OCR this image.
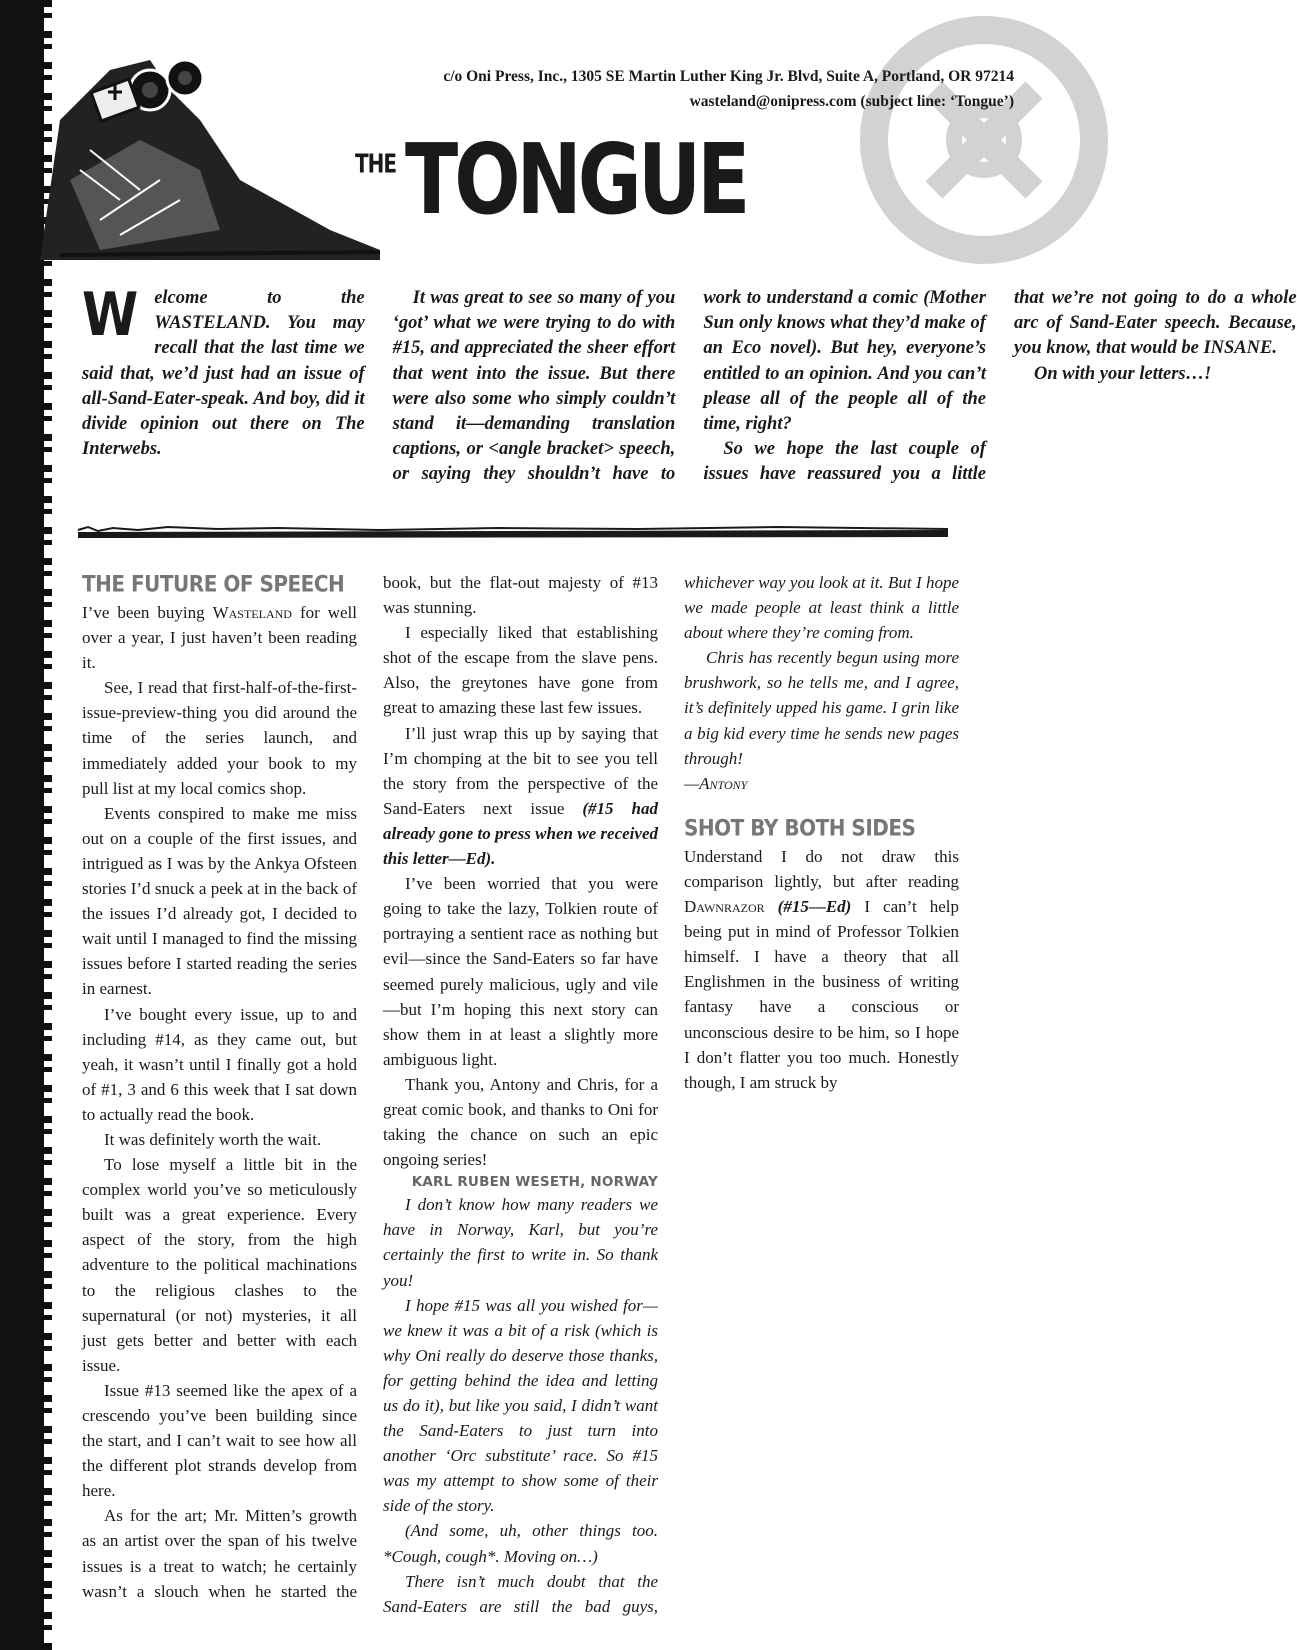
c/o Oni Press, Inc., 1305 SE Martin Luther King Jr. Blvd, Suite A, Portland, OR 97214
wasteland@onipress.com (subject line: ‘Tongue’)
THE TONGUE

Welcome to the WASTELAND. You may recall that the last time we said that, we’d just had an issue of all-Sand-Eater-speak. And boy, did it divide opinion out there on The Interwebs.

It was great to see so many of you ‘got’ what we were trying to do with #15, and appreciated the sheer effort that went into the issue. But there were also some who simply couldn’t stand it—demanding translation captions, or <angle bracket> speech, or saying they shouldn’t have to work to understand a comic (Mother Sun only knows what they’d make of an Eco novel). But hey, everyone’s entitled to an opinion. And you can’t please all of the people all of the time, right?

So we hope the last couple of issues have reassured you a little that we’re not going to do a whole arc of Sand-Eater speech. Because, you know, that would be INSANE.

On with your letters…!

THE FUTURE OF SPEECH

I’ve been buying Wasteland for well over a year, I just haven’t been reading it.

See, I read that first-half-of-the-first-issue-preview-thing you did around the time of the series launch, and immediately added your book to my pull list at my local comics shop.

Events conspired to make me miss out on a couple of the first issues, and intrigued as I was by the Ankya Ofsteen stories I’d snuck a peek at in the back of the issues I’d already got, I decided to wait until I managed to find the missing issues before I started reading the series in earnest.

I’ve bought every issue, up to and including #14, as they came out, but yeah, it wasn’t until I finally got a hold of #1, 3 and 6 this week that I sat down to actually read the book.

It was definitely worth the wait.

To lose myself a little bit in the complex world you’ve so meticulously built was a great experience. Every aspect of the story, from the high adventure to the political machinations to the religious clashes to the supernatural (or not) mysteries, it all just gets better and better with each issue.

Issue #13 seemed like the apex of a crescendo you’ve been building since the start, and I can’t wait to see how all the different plot strands develop from here.

As for the art; Mr. Mitten’s growth as an artist over the span of his twelve issues is a treat to watch; he certainly wasn’t a slouch when he started the book, but the flat-out majesty of #13 was stunning.

I especially liked that establishing shot of the escape from the slave pens. Also, the greytones have gone from great to amazing these last few issues.

I’ll just wrap this up by saying that I’m chomping at the bit to see you tell the story from the perspective of the Sand-Eaters next issue (#15 had already gone to press when we received this letter—Ed).

I’ve been worried that you were going to take the lazy, Tolkien route of portraying a sentient race as nothing but evil—since the Sand-Eaters so far have seemed purely malicious, ugly and vile—but I’m hoping this next story can show them in at least a slightly more ambiguous light.

Thank you, Antony and Chris, for a great comic book, and thanks to Oni for taking the chance on such an epic ongoing series!

KARL RUBEN WESETH, NORWAY

I don’t know how many readers we have in Norway, Karl, but you’re certainly the first to write in. So thank you!

I hope #15 was all you wished for—we knew it was a bit of a risk (which is why Oni really do deserve those thanks, for getting behind the idea and letting us do it), but like you said, I didn’t want the Sand-Eaters to just turn into another ‘Orc substitute’ race. So #15 was my attempt to show some of their side of the story.

(And some, uh, other things too. *Cough, cough*. Moving on…)

There isn’t much doubt that the Sand-Eaters are still the bad guys, whichever way you look at it. But I hope we made people at least think a little about where they’re coming from.

Chris has recently begun using more brushwork, so he tells me, and I agree, it’s definitely upped his game. I grin like a big kid every time he sends new pages through!

—Antony

SHOT BY BOTH SIDES

Understand I do not draw this comparison lightly, but after reading Dawnrazor (#15—Ed) I can’t help being put in mind of Professor Tolkien himself. I have a theory that all Englishmen in the business of writing fantasy have a conscious or unconscious desire to be him, so I hope I don’t flatter you too much. Honestly though, I am struck by
